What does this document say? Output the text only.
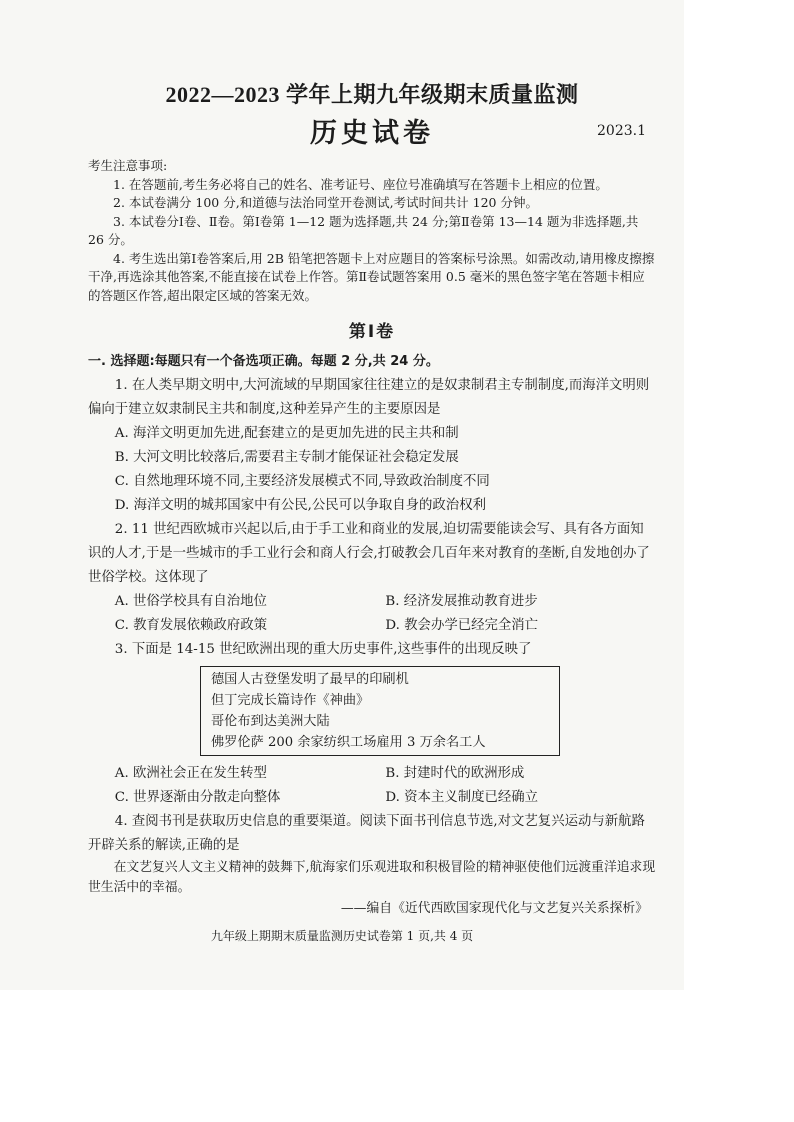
2022—2023 学年上期九年级期末质量监测
历史试卷	2023.1

考生注意事项:

1. 在答题前,考生务必将自己的姓名、准考证号、座位号准确填写在答题卡上相应的位置。

2. 本试卷满分 100 分,和道德与法治同堂开卷测试,考试时间共计 120 分钟。

3. 本试卷分Ⅰ卷、Ⅱ卷。第Ⅰ卷第 1—12 题为选择题,共 24 分;第Ⅱ卷第 13—14 题为非选择题,共 26 分。

4. 考生选出第Ⅰ卷答案后,用 2B 铅笔把答题卡上对应题目的答案标号涂黑。如需改动,请用橡皮擦擦干净,再选涂其他答案,不能直接在试卷上作答。第Ⅱ卷试题答案用 0.5 毫米的黑色签字笔在答题卡相应的答题区作答,超出限定区域的答案无效。

第Ⅰ卷

一. 选择题:每题只有一个备选项正确。每题 2 分,共 24 分。

1. 在人类早期文明中,大河流域的早期国家往往建立的是奴隶制君主专制制度,而海洋文明则偏向于建立奴隶制民主共和制度,这种差异产生的主要原因是

A. 海洋文明更加先进,配套建立的是更加先进的民主共和制

B. 大河文明比较落后,需要君主专制才能保证社会稳定发展

C. 自然地理环境不同,主要经济发展模式不同,导致政治制度不同

D. 海洋文明的城邦国家中有公民,公民可以争取自身的政治权利

2. 11 世纪西欧城市兴起以后,由于手工业和商业的发展,迫切需要能读会写、具有各方面知识的人才,于是一些城市的手工业行会和商人行会,打破教会几百年来对教育的垄断,自发地创办了世俗学校。这体现了

A. 世俗学校具有自治地位	B. 经济发展推动教育进步
C. 教育发展依赖政府政策	D. 教会办学已经完全消亡

3. 下面是 14-15 世纪欧洲出现的重大历史事件,这些事件的出现反映了

德国人古登堡发明了最早的印刷机
但丁完成长篇诗作《神曲》
哥伦布到达美洲大陆
佛罗伦萨 200 余家纺织工场雇用 3 万余名工人
A. 欧洲社会正在发生转型	B. 封建时代的欧洲形成
C. 世界逐渐由分散走向整体	D. 资本主义制度已经确立

4. 查阅书刊是获取历史信息的重要渠道。阅读下面书刊信息节选,对文艺复兴运动与新航路开辟关系的解读,正确的是

在文艺复兴人文主义精神的鼓舞下,航海家们乐观进取和积极冒险的精神驱使他们远渡重洋追求现世生活中的幸福。

——编自《近代西欧国家现代化与文艺复兴关系探析》

九年级上期期末质量监测历史试卷第 1 页,共 4 页
